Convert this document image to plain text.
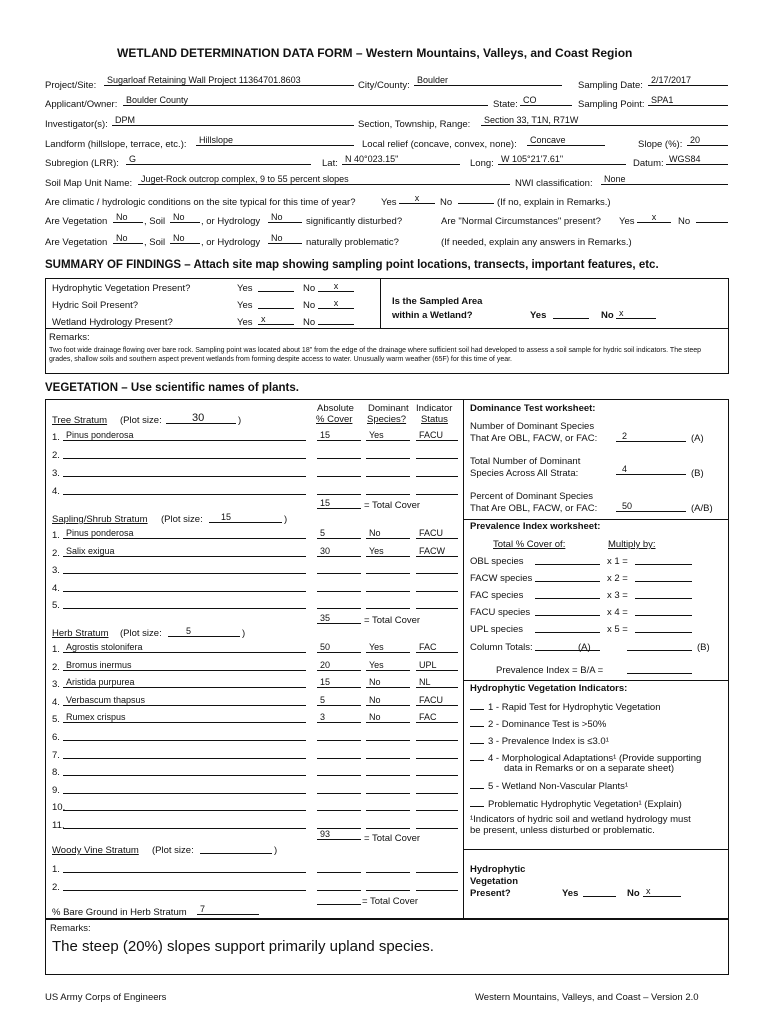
WETLAND DETERMINATION DATA FORM – Western Mountains, Valleys, and Coast Region
Project/Site:	Sugarloaf Retaining Wall Project 11364701.8603	City/County: Boulder	Sampling Date: 2/17/2017
Applicant/Owner: Boulder County	State: CO	Sampling Point: SPA1
Investigator(s): DPM	Section, Township, Range:	Section 33, T1N, R71W
Landform (hillslope, terrace, etc.):	Hillslope	Local relief (concave, convex, none):	Concave	Slope (%): 20
Subregion (LRR):	G	Lat: N 40°023.15"	Long: W 105°21'7.61"	Datum: WGS84
Soil Map Unit Name: Juget-Rock outcrop complex, 9 to 55 percent slopes	NWI classification:	None
Are climatic / hydrologic conditions on the site typical for this time of year?	Yes	x	No	(If no, explain in Remarks.)
Are Vegetation No	, Soil No	, or Hydrology	No	significantly disturbed?	Are "Normal Circumstances" present? Yes	x	No
Are Vegetation No	, Soil No	, or Hydrology	No	naturally problematic?	(If needed, explain any answers in Remarks.)
SUMMARY OF FINDINGS – Attach site map showing sampling point locations, transects, important features, etc.
Hydrophytic Vegetation Present?	Yes	No	x
Hydric Soil Present?	Yes	No	x
Wetland Hydrology Present?	Yes x	No
Is the Sampled Area
within a Wetland?	Yes	No x
Remarks:
Two foot wide drainage flowing over bare rock. Sampling point was located about 18" from the edge of the drainage where sufficient soil had developed to assess a soil sample for hydric soil indicators. The steep grades, shallow soils and southern aspect prevent wetlands from forming despite access to water. Unusually warm weather (65F) for this time of year.
VEGETATION – Use scientific names of plants.
Absolute
% Cover
Dominant
Species?
Indicator
Status
Tree Stratum (Plot size:	30	)
1. Pinus ponderosa	15	Yes	FACU
2.
3.
4.
15	= Total Cover
Sapling/Shrub Stratum (Plot size:	15	)
1. Pinus ponderosa	5	No	FACU
2. Salix exigua	30	Yes	FACW
3.
4.
5.
35	= Total Cover
Herb Stratum (Plot size:	5	)
1. Agrostis stolonifera	50	Yes	FAC
2. Bromus inermus	20	Yes	UPL
3. Aristida purpurea	15	No	NL
4. Verbascum thapsus	5	No	FACU
5. Rumex crispus	3	No	FAC
6.
7.
8.
9.
10.
11.
93	= Total Cover
Woody Vine Stratum (Plot size:	)
1.
2.
= Total Cover
% Bare Ground in Herb Stratum	7
Remarks:
The steep (20%) slopes support primarily upland species.
Dominance Test worksheet:
Number of Dominant Species
That Are OBL, FACW, or FAC:	2	(A)
Total Number of Dominant
Species Across All Strata:	4	(B)
Percent of Dominant Species
That Are OBL, FACW, or FAC:	50	(A/B)
Prevalence Index worksheet:
Total % Cover of:	Multiply by:
OBL species	x 1 =
FACW species	x 2 =
FAC species	x 3 =
FACU species	x 4 =
UPL species	x 5 =
Column Totals:	(A)	(B)
Prevalence Index = B/A =
Hydrophytic Vegetation Indicators:
1 - Rapid Test for Hydrophytic Vegetation
2 - Dominance Test is >50%
3 - Prevalence Index is ≤3.0¹
4 - Morphological Adaptations¹ (Provide supporting
data in Remarks or on a separate sheet)
5 - Wetland Non-Vascular Plants¹
Problematic Hydrophytic Vegetation¹ (Explain)
¹Indicators of hydric soil and wetland hydrology must
be present, unless disturbed or problematic.
Hydrophytic
Vegetation
Present?	Yes	No x
US Army Corps of Engineers	Western Mountains, Valleys, and Coast – Version 2.0
